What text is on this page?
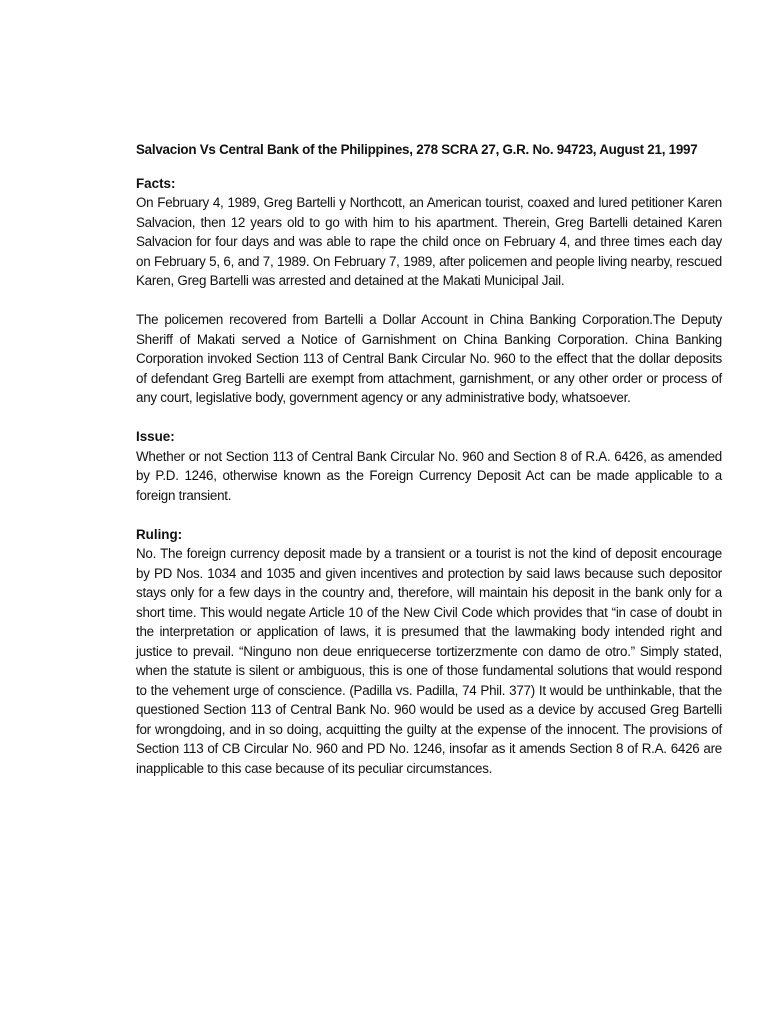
Salvacion Vs Central Bank of the Philippines, 278 SCRA 27, G.R. No. 94723, August 21, 1997

Facts:

On February 4, 1989, Greg Bartelli y Northcott, an American tourist, coaxed and lured petitioner Karen Salvacion, then 12 years old to go with him to his apartment. Therein, Greg Bartelli detained Karen Salvacion for four days and was able to rape the child once on February 4, and three times each day on February 5, 6, and 7, 1989. On February 7, 1989, after policemen and people living nearby, rescued Karen, Greg Bartelli was arrested and detained at the Makati Municipal Jail.

The policemen recovered from Bartelli a Dollar Account in China Banking Corporation.The Deputy Sheriff of Makati served a Notice of Garnishment on China Banking Corporation. China Banking Corporation invoked Section 113 of Central Bank Circular No. 960 to the effect that the dollar deposits of defendant Greg Bartelli are exempt from attachment, garnishment, or any other order or process of any court, legislative body, government agency or any administrative body, whatsoever.

Issue:

Whether or not Section 113 of Central Bank Circular No. 960 and Section 8 of R.A. 6426, as amended by P.D. 1246, otherwise known as the Foreign Currency Deposit Act can be made applicable to a foreign transient.

Ruling:

No. The foreign currency deposit made by a transient or a tourist is not the kind of deposit encourage by PD Nos. 1034 and 1035 and given incentives and protection by said laws because such depositor stays only for a few days in the country and, therefore, will maintain his deposit in the bank only for a short time. This would negate Article 10 of the New Civil Code which provides that “in case of doubt in the interpretation or application of laws, it is presumed that the lawmaking body intended right and justice to prevail. “Ninguno non deue enriquecerse tortizerzmente con damo de otro.” Simply stated, when the statute is silent or ambiguous, this is one of those fundamental solutions that would respond to the vehement urge of conscience. (Padilla vs. Padilla, 74 Phil. 377) It would be unthinkable, that the questioned Section 113 of Central Bank No. 960 would be used as a device by accused Greg Bartelli for wrongdoing, and in so doing, acquitting the guilty at the expense of the innocent. The provisions of Section 113 of CB Circular No. 960 and PD No. 1246, insofar as it amends Section 8 of R.A. 6426 are inapplicable to this case because of its peculiar circumstances.
